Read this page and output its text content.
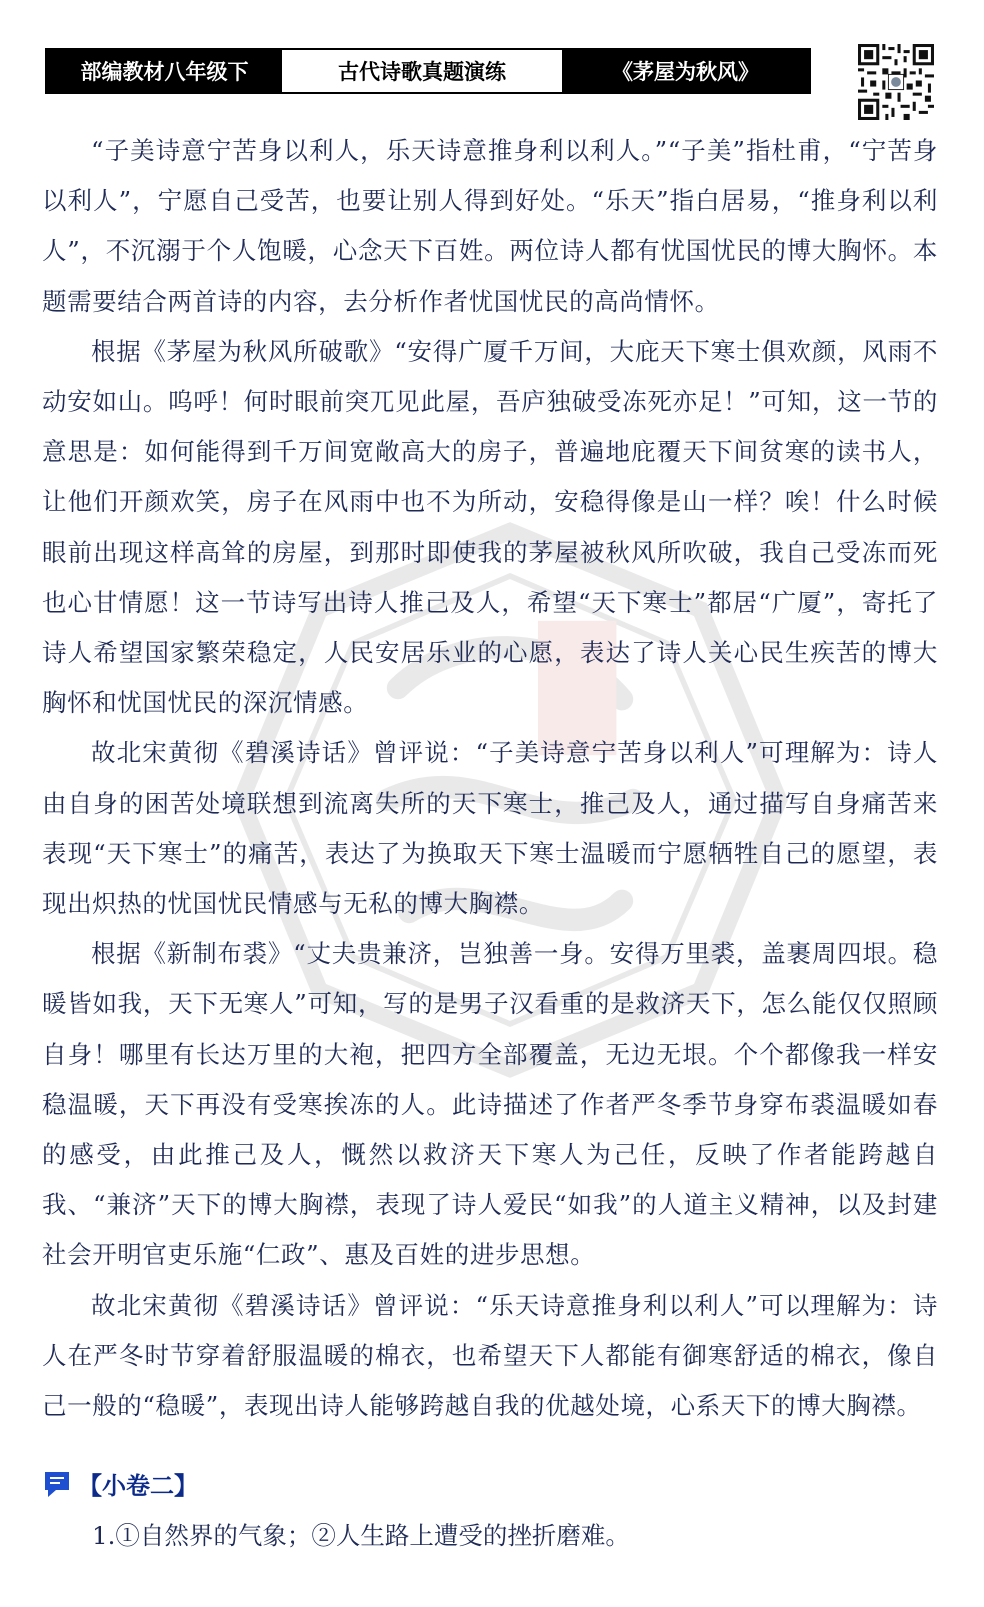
部编教材八年级下	古代诗歌真题演练	《茅屋为秋风》

“子美诗意宁苦身以利人，乐天诗意推身利以利人。”“子美”指杜甫，“宁苦身以利人”，宁愿自己受苦，也要让别人得到好处。“乐天”指白居易，“推身利以利人”，不沉溺于个人饱暖，心念天下百姓。两位诗人都有忧国忧民的博大胸怀。本题需要结合两首诗的内容，去分析作者忧国忧民的高尚情怀。

根据《茅屋为秋风所破歌》“安得广厦千万间，大庇天下寒士俱欢颜，风雨不动安如山。呜呼！何时眼前突兀见此屋，吾庐独破受冻死亦足！”可知，这一节的意思是：如何能得到千万间宽敞高大的房子，普遍地庇覆天下间贫寒的读书人，让他们开颜欢笑，房子在风雨中也不为所动，安稳得像是山一样？唉！什么时候眼前出现这样高耸的房屋，到那时即使我的茅屋被秋风所吹破，我自己受冻而死也心甘情愿！这一节诗写出诗人推己及人，希望“天下寒士”都居“广厦”，寄托了诗人希望国家繁荣稳定，人民安居乐业的心愿，表达了诗人关心民生疾苦的博大胸怀和忧国忧民的深沉情感。

故北宋黄彻《碧溪诗话》曾评说：“子美诗意宁苦身以利人”可理解为：诗人由自身的困苦处境联想到流离失所的天下寒士，推己及人，通过描写自身痛苦来表现“天下寒士”的痛苦，表达了为换取天下寒士温暖而宁愿牺牲自己的愿望，表现出炽热的忧国忧民情感与无私的博大胸襟。

根据《新制布裘》“丈夫贵兼济，岂独善一身。安得万里裘，盖裹周四垠。稳暖皆如我，天下无寒人”可知，写的是男子汉看重的是救济天下，怎么能仅仅照顾自身！哪里有长达万里的大袍，把四方全部覆盖，无边无垠。个个都像我一样安稳温暖，天下再没有受寒挨冻的人。此诗描述了作者严冬季节身穿布裘温暖如春的感受，由此推己及人，慨然以救济天下寒人为己任，反映了作者能跨越自我、“兼济”天下的博大胸襟，表现了诗人爱民“如我”的人道主义精神，以及封建社会开明官吏乐施“仁政”、惠及百姓的进步思想。

故北宋黄彻《碧溪诗话》曾评说：“乐天诗意推身利以利人”可以理解为：诗人在严冬时节穿着舒服温暖的棉衣，也希望天下人都能有御寒舒适的棉衣，像自己一般的“稳暖”，表现出诗人能够跨越自我的优越处境，心系天下的博大胸襟。

【小卷二】
1.①自然界的气象；②人生路上遭受的挫折磨难。
